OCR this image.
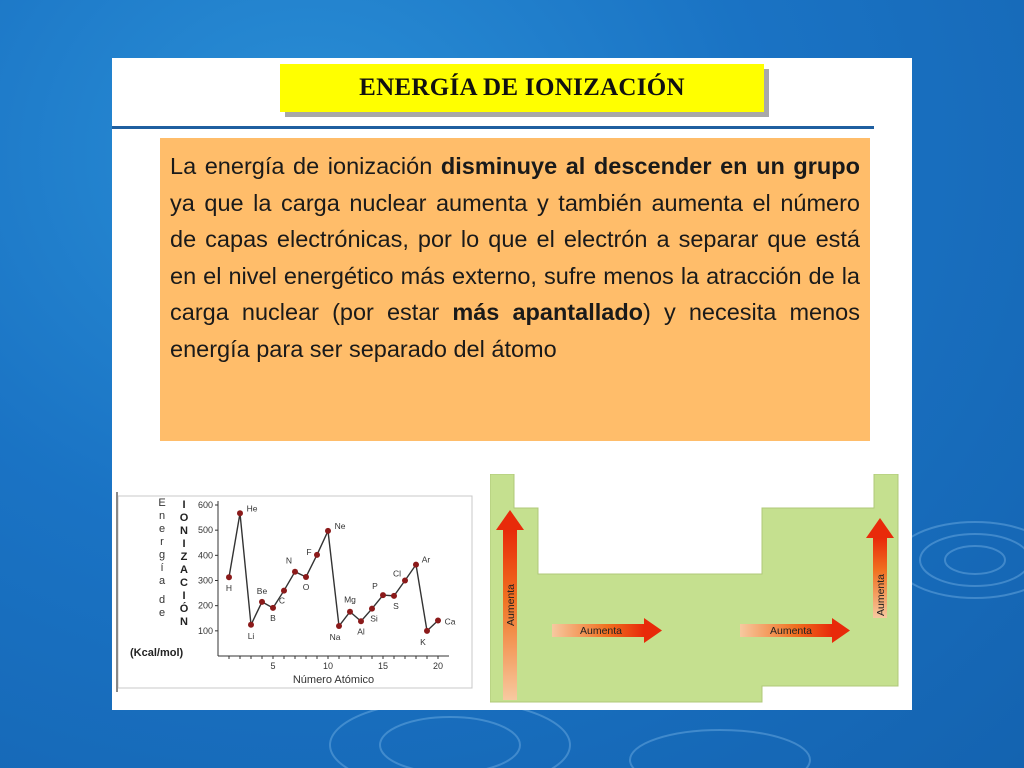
ENERGÍA DE IONIZACIÓN
La energía de ionización disminuye al descender en un grupo ya que la carga nuclear aumenta y también aumenta el número de capas electrónicas, por lo que el electrón a separar que está en el nivel energético más externo, sufre menos la atracción de la carga nuclear (por estar más apantallado) y necesita menos energía para ser separado del átomo
100
200
300
400
500
600
5	10	15	20
Número Atómico
E
n
e
r
g
í
a
d
e
I
O
N
I
Z
A
C
I
Ó
N
(Kcal/mol)
H
He
Li
Be
B
C
N
O
F
Ne
Na
Mg
Al
Si
P
S
Cl
Ar
K
Ca	Aumenta	Aumenta
Aumenta	Aumenta
